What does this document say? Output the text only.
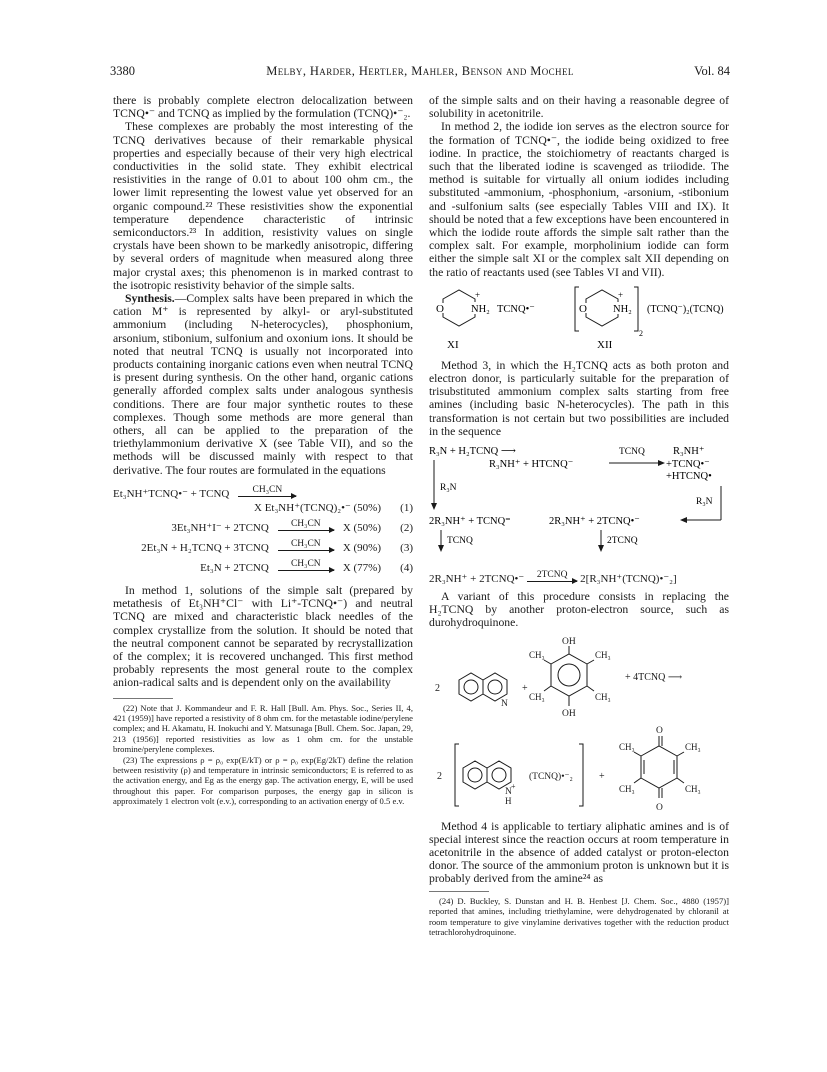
3380	Melby, Harder, Hertler, Mahler, Benson and Mochel	Vol. 84

there is probably complete electron delocalization between TCNQ•⁻ and TCNQ as implied by the formulation (TCNQ)•⁻₂.

These complexes are probably the most interesting of the TCNQ derivatives because of their remarkable physical properties and especially because of their very high electrical conductivities in the solid state. They exhibit electrical resistivities in the range of 0.01 to about 100 ohm cm., the lower limit representing the lowest value yet observed for an organic compound.²² These resistivities show the exponential temperature dependence characteristic of intrinsic semiconductors.²³ In addition, resistivity values on single crystals have been shown to be markedly anisotropic, differing by several orders of magnitude when measured along three major crystal axes; this phenomenon is in marked contrast to the isotropic resistivity behavior of the simple salts.

Synthesis.—Complex salts have been prepared in which the cation M⁺ is represented by alkyl- or aryl-substituted ammonium (including N-heterocycles), phosphonium, arsonium, stibonium, sulfonium and oxonium ions. It should be noted that neutral TCNQ is usually not incorporated into products containing inorganic cations even when neutral TCNQ is present during synthesis. On the other hand, organic cations generally afforded complex salts under analogous synthesis conditions. There are four major synthetic routes to these complexes. Though some methods are more general than others, all can be applied to the preparation of the triethylammonium derivative X (see Table VII), and so the methods will be discussed mainly with respect to that derivative. The four routes are formulated in the equations

Et₃NH⁺TCNQ•⁻ + TCNQ CH₃CN
X Et₃NH⁺(TCNQ)₂•⁻ (50%)	(1)
3Et₃NH⁺I⁻ + 2TCNQ CH₃CN X (50%)	(2)
2Et₃N + H₂TCNQ + 3TCNQ CH₃CN X (90%)	(3)
Et₃N + 2TCNQ CH₃CN X (77%)	(4)

In method 1, solutions of the simple salt (prepared by metathesis of Et₃NH⁺Cl⁻ with Li⁺-TCNQ•⁻) and neutral TCNQ are mixed and characteristic black needles of the complex crystallize from the solution. It should be noted that the neutral component cannot be separated by recrystallization of the complex; it is recovered unchanged. This first method probably represents the most general route to the complex anion-radical salts and is dependent only on the availability

(22) Note that J. Kommandeur and F. R. Hall [Bull. Am. Phys. Soc., Series II, 4, 421 (1959)] have reported a resistivity of 8 ohm cm. for the metastable iodine/perylene complex; and H. Akamatu, H. Inokuchi and Y. Matsunaga [Bull. Chem. Soc. Japan, 29, 213 (1956)] reported resistivities as low as 1 ohm cm. for the unstable bromine/perylene complexes.

(23) The expressions ρ = ρ₀ exp(E/kT) or ρ = ρ₀ exp(Eg/2kT) define the relation between resistivity (ρ) and temperature in intrinsic semiconductors; E is referred to as the activation energy, and Eg as the energy gap. The activation energy, E, will be used throughout this paper. For comparison purposes, the energy gap in silicon is approximately 1 electron volt (e.v.), corresponding to an activation energy of 0.5 e.v.

of the simple salts and on their having a reasonable degree of solubility in acetonitrile.

In method 2, the iodide ion serves as the electron source for the formation of TCNQ•⁻, the iodide being oxidized to free iodine. In practice, the stoichiometry of reactants charged is such that the liberated iodine is scavenged as triiodide. The method is suitable for virtually all onium iodides including substituted -ammonium, -phosphonium, -arsonium, -stibonium and -sulfonium salts (see especially Tables VIII and IX). It should be noted that a few exceptions have been encountered in which the iodide route affords the simple salt rather than the complex salt. For example, morpholinium iodide can form either the simple salt XI or the complex salt XII depending on the ratio of reactants used (see Tables VI and VII).

O	NH₂
+
TCNQ•⁻
XI
O NH₂
+
2
(TCNQ⁻)₂(TCNQ)
XII

Method 3, in which the H₂TCNQ acts as both proton and electron donor, is particularly suitable for the preparation of trisubstituted ammonium complex salts starting from free amines (including basic N-heterocycles). The path in this transformation is not certain but two possibilities are included in the sequence

R₃N + H₂TCNQ ⟶	TCNQ	R₃NH⁺
R₃NH⁺ + HTCNQ⁻	+TCNQ•⁻
+HTCNQ•
R₃N
R₃N
2R₃NH⁺ + TCNQ⁼	2R₃NH⁺ + 2TCNQ•⁻
TCNQ	2TCNQ
2R₃NH⁺ + 2TCNQ•⁻ 2TCNQ 2[R₃NH⁺(TCNQ)•⁻₂]

A variant of this procedure consists in replacing the H₂TCNQ by another proton-electron source, such as durohydroquinone.

2
N
+
OH
OH
CH₃	CH₃
CH₃	CH₃
+ 4TCNQ ⟶
2
N
+
H
(TCNQ)•⁻₂	+
O
O
CH₃	CH₃
CH₃	CH₃

Method 4 is applicable to tertiary aliphatic amines and is of special interest since the reaction occurs at room temperature in acetonitrile in the absence of added catalyst or proton-electon donor. The source of the ammonium proton is unknown but it is probably derived from the amine²⁴ as

(24) D. Buckley, S. Dunstan and H. B. Henbest [J. Chem. Soc., 4880 (1957)] reported that amines, including triethylamine, were dehydrogenated by chloranil at room temperature to give vinylamine derivatives together with the reduction product tetrachlorohydroquinone.
